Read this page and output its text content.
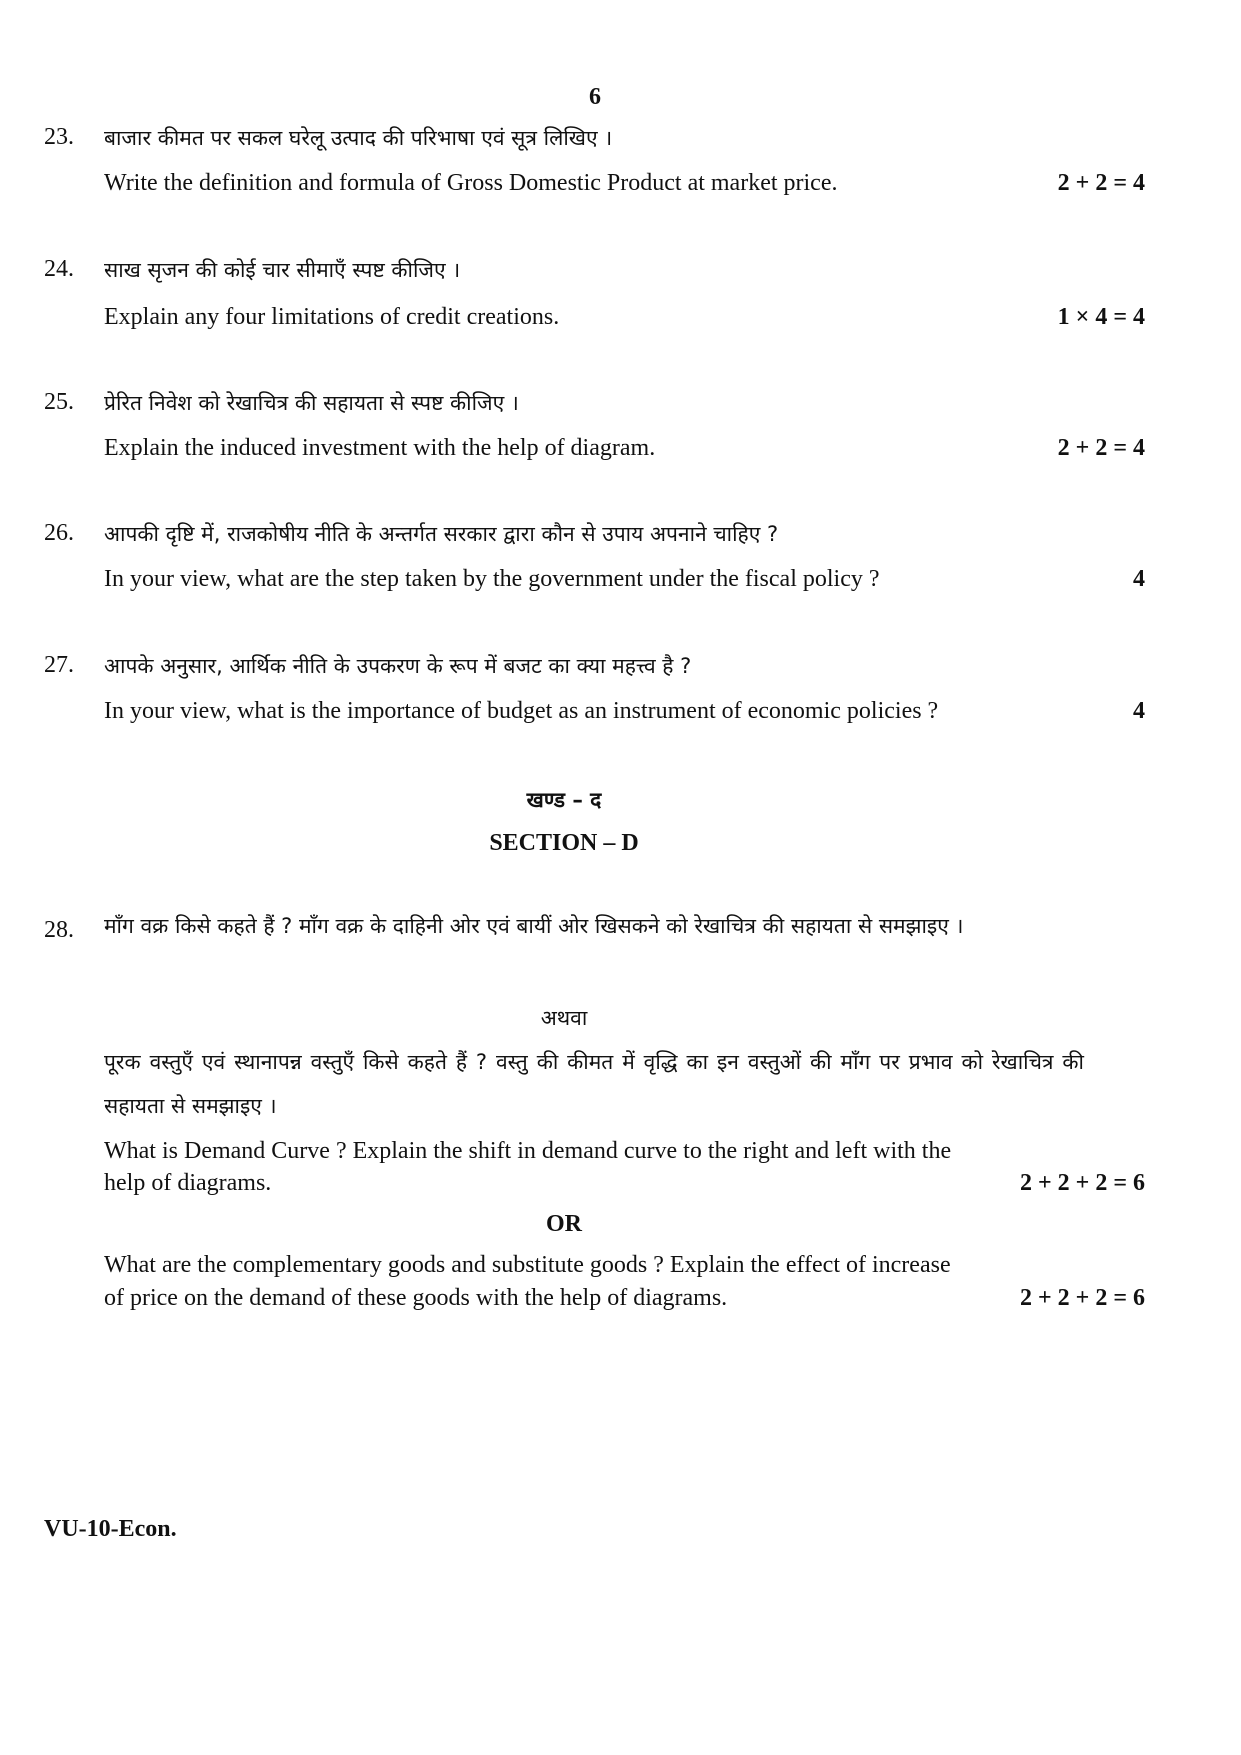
6
23. बाजार कीमत पर सकल घरेलू उत्पाद की परिभाषा एवं सूत्र लिखिए ।
Write the definition and formula of Gross Domestic Product at market price.	2 + 2 = 4
24. साख सृजन की कोई चार सीमाएँ स्पष्ट कीजिए ।
Explain any four limitations of credit creations.	1 × 4 = 4
25. प्रेरित निवेश को रेखाचित्र की सहायता से स्पष्ट कीजिए ।
Explain the induced investment with the help of diagram.	2 + 2 = 4
26. आपकी दृष्टि में, राजकोषीय नीति के अन्तर्गत सरकार द्वारा कौन से उपाय अपनाने चाहिए ?
In your view, what are the step taken by the government under the fiscal policy ?	4
27. आपके अनुसार, आर्थिक नीति के उपकरण के रूप में बजट का क्या महत्त्व है ?
In your view, what is the importance of budget as an instrument of economic policies ?	4
खण्ड – द
SECTION – D
28. माँग वक्र किसे कहते हैं ? माँग वक्र के दाहिनी ओर एवं बायीं ओर खिसकने को रेखाचित्र की सहायता से समझाइए ।
अथवा
पूरक वस्तुएँ एवं स्थानापन्न वस्तुएँ किसे कहते हैं ? वस्तु की कीमत में वृद्धि का इन वस्तुओं की माँग पर प्रभाव को रेखाचित्र की सहायता से समझाइए ।
What is Demand Curve ? Explain the shift in demand curve to the right and left with the
help of diagrams.	2 + 2 + 2 = 6
OR
What are the complementary goods and substitute goods ? Explain the effect of increase
of price on the demand of these goods with the help of diagrams.	2 + 2 + 2 = 6
VU-10-Econ.
